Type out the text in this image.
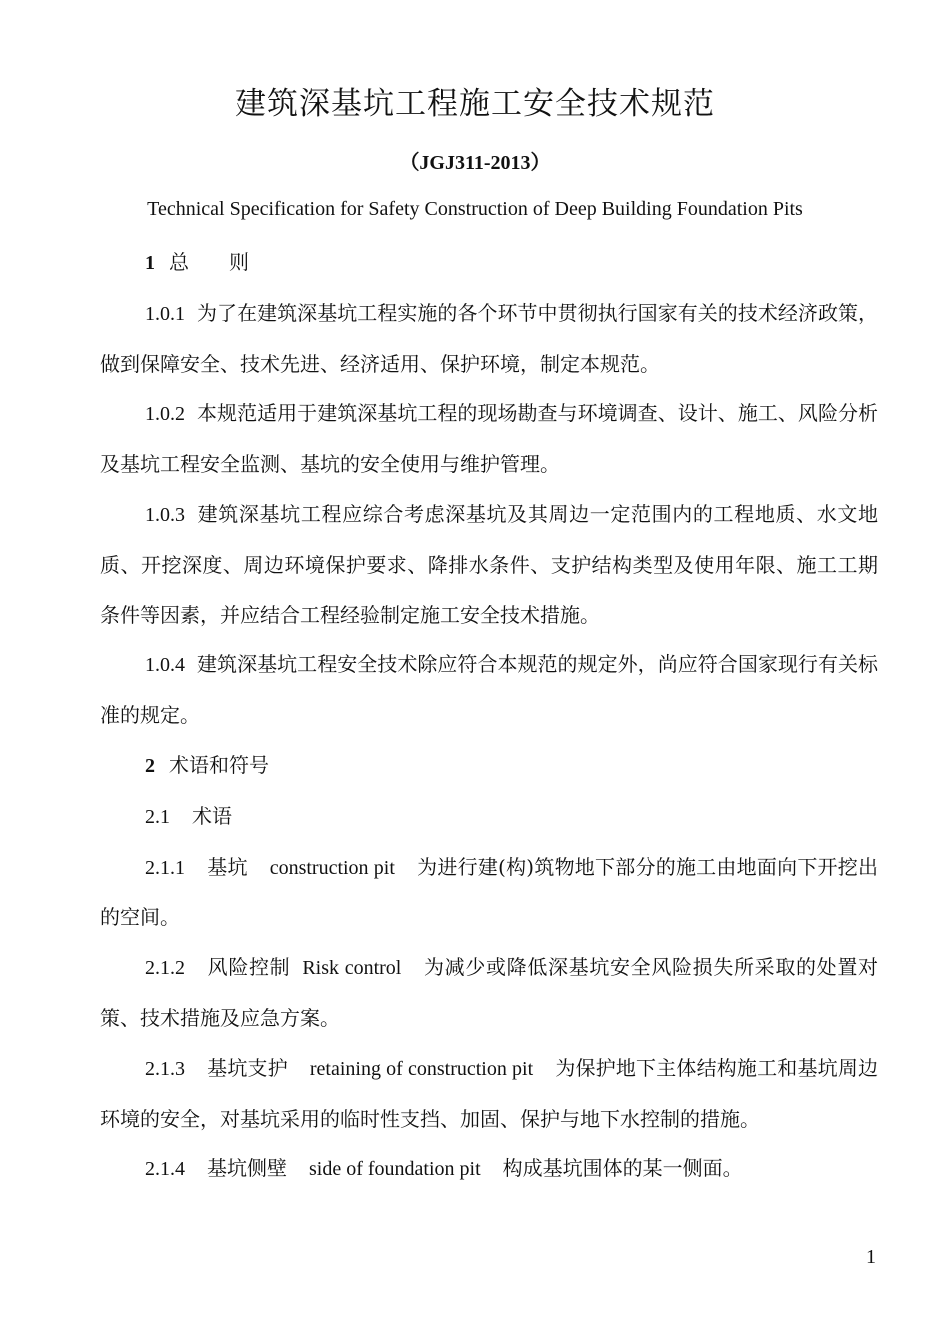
建筑深基坑工程施工安全技术规范
（JGJ311-2013）
Technical Specification for Safety Construction of Deep Building Foundation Pits

1 总　　则

1.0.1 为了在建筑深基坑工程实施的各个环节中贯彻执行国家有关的技术经济政策，做到保障安全、技术先进、经济适用、保护环境，制定本规范。

1.0.2 本规范适用于建筑深基坑工程的现场勘查与环境调查、设计、施工、风险分析及基坑工程安全监测、基坑的安全使用与维护管理。

1.0.3 建筑深基坑工程应综合考虑深基坑及其周边一定范围内的工程地质、水文地质、开挖深度、周边环境保护要求、降排水条件、支护结构类型及使用年限、施工工期条件等因素，并应结合工程经验制定施工安全技术措施。

1.0.4 建筑深基坑工程安全技术除应符合本规范的规定外，尚应符合国家现行有关标准的规定。

2 术语和符号

2.1 术语

2.1.1 基坑 construction pit 为进行建(构)筑物地下部分的施工由地面向下开挖出的空间。

2.1.2 风险控制 Risk control 为减少或降低深基坑安全风险损失所采取的处置对策、技术措施及应急方案。

2.1.3 基坑支护 retaining of construction pit 为保护地下主体结构施工和基坑周边环境的安全，对基坑采用的临时性支挡、加固、保护与地下水控制的措施。

2.1.4 基坑侧壁 side of foundation pit 构成基坑围体的某一侧面。

1
